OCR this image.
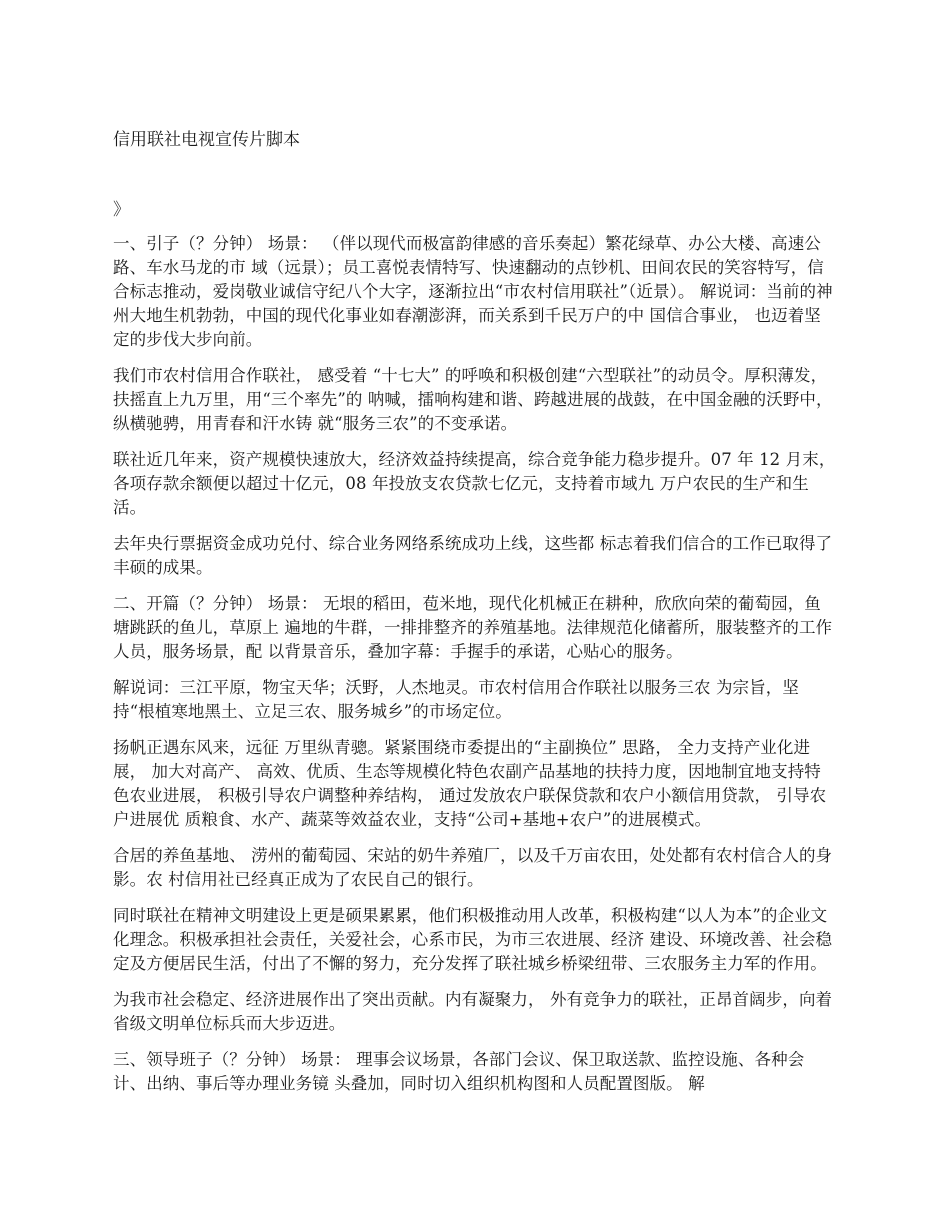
信用联社电视宣传片脚本

》

一、引子（？分钟） 场景： （伴以现代而极富韵律感的音乐奏起）繁花绿草、办公大楼、高速公路、车水马龙的市 域（远景）；员工喜悦表情特写、快速翻动的点钞机、田间农民的笑容特写，信合标志推动，爱岗敬业诚信守纪八个大字，逐渐拉出“市农村信用联社”（近景）。 解说词：当前的神州大地生机勃勃，中国的现代化事业如春潮澎湃，而关系到千民万户的中 国信合事业， 也迈着坚定的步伐大步向前。

我们市农村信用合作联社， 感受着 “十七大” 的呼唤和积极创建“六型联社”的动员令。厚积薄发，扶摇直上九万里，用“三个率先”的 呐喊，擂响构建和谐、跨越进展的战鼓，在中国金融的沃野中，纵横驰骋，用青春和汗水铸 就“服务三农”的不变承诺。

联社近几年来，资产规模快速放大，经济效益持续提高，综合竞争能力稳步提升。07 年 12 月末，各项存款余额便以超过十亿元，08 年投放支农贷款七亿元，支持着市域九 万户农民的生产和生活。

去年央行票据资金成功兑付、综合业务网络系统成功上线，这些都 标志着我们信合的工作已取得了丰硕的成果。

二、开篇（？分钟） 场景： 无垠的稻田，苞米地，现代化机械正在耕种，欣欣向荣的葡萄园，鱼塘跳跃的鱼儿，草原上 遍地的牛群，一排排整齐的养殖基地。法律规范化储蓄所，服装整齐的工作人员，服务场景，配 以背景音乐，叠加字幕：手握手的承诺，心贴心的服务。

解说词：三江平原，物宝天华；沃野，人杰地灵。市农村信用合作联社以服务三农 为宗旨，坚持“根植寒地黑土、立足三农、服务城乡”的市场定位。

扬帆正遇东风来，远征 万里纵青骢。紧紧围绕市委提出的“主副换位” 思路， 全力支持产业化进展， 加大对高产、 高效、优质、生态等规模化特色农副产品基地的扶持力度，因地制宜地支持特色农业进展， 积极引导农户调整种养结构， 通过发放农户联保贷款和农户小额信用贷款， 引导农户进展优 质粮食、水产、蔬菜等效益农业，支持“公司+基地+农户”的进展模式。

合居的养鱼基地、 涝州的葡萄园、宋站的奶牛养殖厂，以及千万亩农田，处处都有农村信合人的身影。农 村信用社已经真正成为了农民自己的银行。

同时联社在精神文明建设上更是硕果累累，他们积极推动用人改革，积极构建“以人为本”的企业文化理念。积极承担社会责任，关爱社会，心系市民，为市三农进展、经济 建设、环境改善、社会稳定及方便居民生活，付出了不懈的努力，充分发挥了联社城乡桥梁纽带、三农服务主力军的作用。

为我市社会稳定、经济进展作出了突出贡献。内有凝聚力， 外有竞争力的联社，正昂首阔步，向着省级文明单位标兵而大步迈进。

三、领导班子（？分钟） 场景： 理事会议场景，各部门会议、保卫取送款、监控设施、各种会计、出纳、事后等办理业务镜 头叠加，同时切入组织机构图和人员配置图版。 解
